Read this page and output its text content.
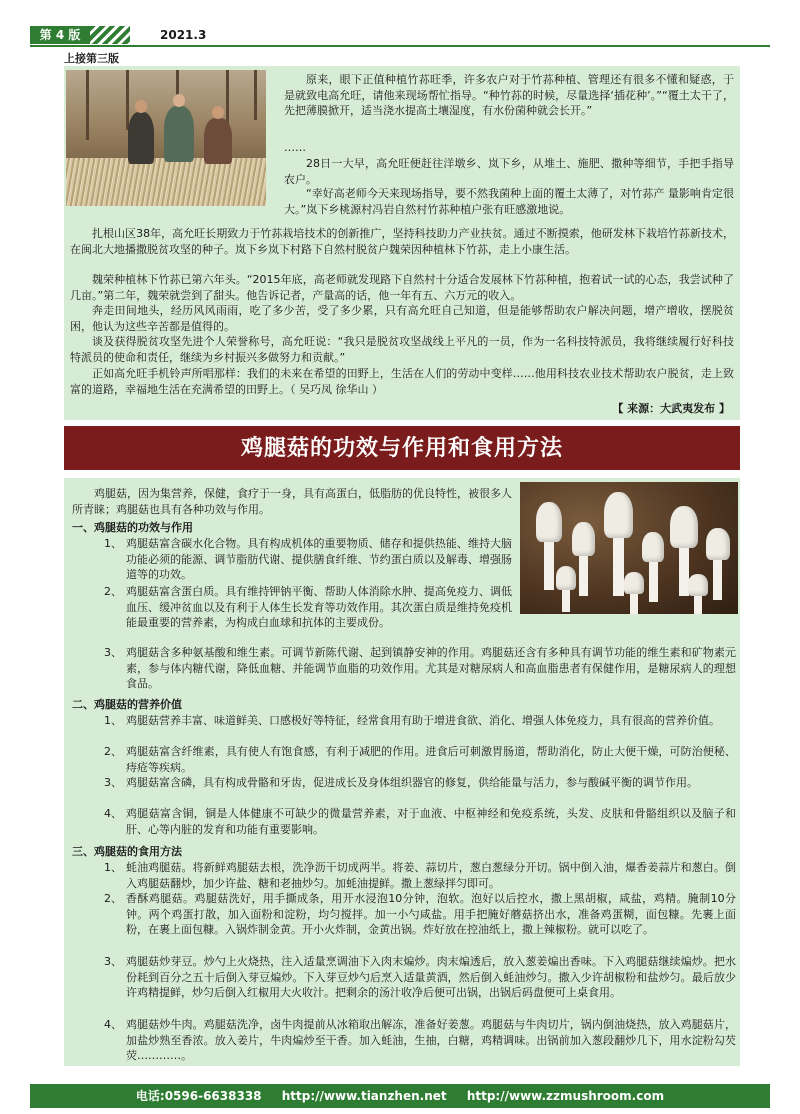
第 4 版	2021.3
上接第三版
原来，眼下正值种植竹荪旺季，许多农户对于竹荪种植、管理还有很多不懂和疑惑，于是就致电高允旺，请他来现场帮忙指导。“种竹荪的时候，尽量选择‘插花种’。”“覆土太干了，先把薄膜掀开，适当浇水提高土壤湿度，有水份菌种就会长开。”
……
28日一大早，高允旺便赶往洋墩乡、岚下乡，从堆土、施肥、撒种等细节，手把手指导农户。
“幸好高老师今天来现场指导，要不然我菌种上面的覆土太薄了，对竹荪产 量影响肯定很大。”岚下乡桃源村冯岩自然村竹荪种植户张有旺感激地说。
扎根山区38年，高允旺长期致力于竹荪栽培技术的创新推广，坚持科技助力产业扶贫。通过不断摸索，他研发林下栽培竹荪新技术，在闽北大地播撒脱贫攻坚的种子。岚下乡岚下村路下自然村脱贫户魏荣因种植林下竹荪，走上小康生活。
魏荣种植林下竹荪已第六年头。“2015年底，高老师就发现路下自然村十分适合发展林下竹荪种植，抱着试一试的心态，我尝试种了几亩。”第二年，魏荣就尝到了甜头。他告诉记者，产量高的话，他一年有五、六万元的收入。
奔走田间地头，经历风风雨雨，吃了多少苦，受了多少累，只有高允旺自己知道，但是能够帮助农户解决问题，增产增收，摆脱贫困，他认为这些辛苦都是值得的。
谈及获得脱贫攻坚先进个人荣誉称号，高允旺说：“我只是脱贫攻坚战线上平凡的一员，作为一名科技特派员，我将继续履行好科技特派员的使命和责任，继续为乡村振兴多做努力和贡献。”
正如高允旺手机铃声所唱那样：我们的未来在希望的田野上，生活在人们的劳动中变样……他用科技农业技术帮助农户脱贫，走上致富的道路，幸福地生活在充满希望的田野上。（ 吴巧凤 徐华山 ）
【 来源：大武夷发布 】
鸡腿菇的功效与作用和食用方法
鸡腿菇，因为集营养，保健，食疗于一身，具有高蛋白，低脂肪的优良特性，被很多人所青睐；鸡腿菇也具有各种功效与作用。
一、鸡腿菇的功效与作用
1、 鸡腿菇富含碳水化合物。具有构成机体的重要物质、储存和提供热能、维持大脑功能必须的能源、调节脂肪代谢、提供膳食纤维、节约蛋白质以及解毒、增强肠道等的功效。
2、 鸡腿菇富含蛋白质。具有维持钾钠平衡、帮助人体消除水肿、提高免疫力、调低血压、缓冲贫血以及有利于人体生长发育等功效作用。其次蛋白质是维持免疫机能最重要的营养素，为构成白血球和抗体的主要成份。
3、 鸡腿菇含多种氨基酸和维生素。可调节新陈代谢、起到镇静安神的作用。鸡腿菇还含有多种具有调节功能的维生素和矿物素元素，参与体内糖代谢，降低血糖、并能调节血脂的功效作用。尤其是对糖尿病人和高血脂患者有保健作用，是糖尿病人的理想食品。
二、鸡腿菇的营养价值
1、 鸡腿菇营养丰富、味道鲜美、口感极好等特征，经常食用有助于增进食欲、消化、增强人体免疫力，具有很高的营养价值。
2、 鸡腿菇富含纤维素，具有使人有饱食感，有利于减肥的作用。进食后可刺激胃肠道，帮助消化，防止大便干燥，可防治便秘、痔疮等疾病。
3、 鸡腿菇富含磷，具有构成骨骼和牙齿，促进成长及身体组织器官的修复，供给能量与活力，参与酸碱平衡的调节作用。
4、 鸡腿菇富含铜，铜是人体健康不可缺少的微量营养素，对于血液、中枢神经和免疫系统，头发、皮肤和骨骼组织以及脑子和肝、心等内脏的发育和功能有重要影响。
三、鸡腿菇的食用方法
1、 蚝油鸡腿菇。将新鲜鸡腿菇去根，洗净沥干切成两半。将姜、蒜切片，葱白葱绿分开切。锅中倒入油，爆香姜蒜片和葱白。倒入鸡腿菇翻炒，加少许盐、糖和老抽炒匀。加蚝油提鲜。撒上葱绿拌匀即可。
2、 香酥鸡腿菇。鸡腿菇洗好，用手撕成条，用开水浸泡10分钟，泡软。泡好以后控水，撒上黑胡椒，咸盐，鸡精。腌制10分钟。两个鸡蛋打散，加入面粉和淀粉，均匀搅拌。加一小勺咸盐。用手把腌好蘑菇挤出水，准备鸡蛋糊，面包糠。先裹上面粉，在裹上面包糠。入锅炸制金黄。开小火炸制，金黄出锅。炸好放在控油纸上，撒上辣椒粉。就可以吃了。
3、 鸡腿菇炒芽豆。炒勺上火烧热，注入适量烹调油下入肉末煸炒。肉末煸透后，放入葱姜煸出香味。下入鸡腿菇继续煸炒。把水份耗到百分之五十后倒入芽豆煸炒。下入芽豆炒勺后烹入适量黄酒，然后倒入蚝油炒匀。撒入少许胡椒粉和盐炒匀。最后放少许鸡精提鲜，炒匀后倒入红椒用大火收汁。把剩余的汤汁收净后便可出锅，出锅后码盘便可上桌食用。
4、 鸡腿菇炒牛肉。鸡腿菇洗净，卤牛肉提前从冰箱取出解冻，准备好姜葱。鸡腿菇与牛肉切片，锅内倒油烧热，放入鸡腿菇片，加盐炒熟至香浓。放入姜片，牛肉煸炒至干香。加入蚝油，生抽，白糖，鸡精调味。出锅前加入葱段翻炒几下，用水淀粉勾芡荧…………。
电话:0596-6638338 http://www.tianzhen.net http://www.zzmushroom.com
